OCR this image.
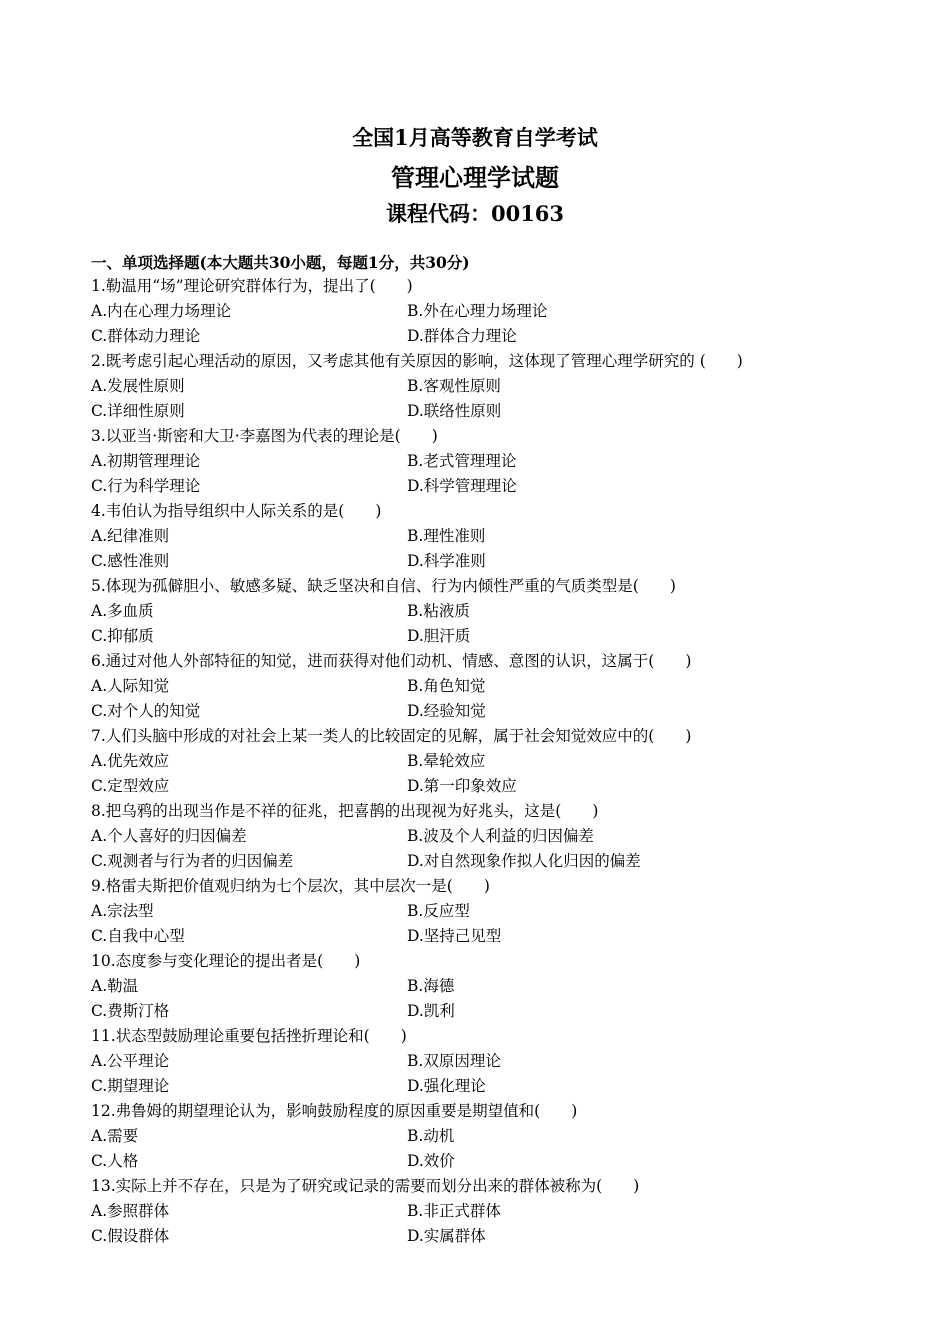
全国1月高等教育自学考试
管理心理学试题
课程代码：00163
一、单项选择题(本大题共30小题，每题1分，共30分)
1.勒温用“场”理论研究群体行为，提出了(　　)
A.内在心理力场理论	B.外在心理力场理论
C.群体动力理论	D.群体合力理论
2.既考虑引起心理活动的原因，又考虑其他有关原因的影响，这体现了管理心理学研究的 (　　)
A.发展性原则	B.客观性原则
C.详细性原则	D.联络性原则
3.以亚当·斯密和大卫·李嘉图为代表的理论是(　　)
A.初期管理理论	B.老式管理理论
C.行为科学理论	D.科学管理理论
4.韦伯认为指导组织中人际关系的是(　　)
A.纪律准则	B.理性准则
C.感性准则	D.科学准则
5.体现为孤僻胆小、敏感多疑、缺乏坚决和自信、行为内倾性严重的气质类型是(　　)
A.多血质	B.粘液质
C.抑郁质	D.胆汗质
6.通过对他人外部特征的知觉，进而获得对他们动机、情感、意图的认识，这属于(　　)
A.人际知觉	B.角色知觉
C.对个人的知觉	D.经验知觉
7.人们头脑中形成的对社会上某一类人的比较固定的见解，属于社会知觉效应中的(　　)
A.优先效应	B.晕轮效应
C.定型效应	D.第一印象效应
8.把乌鸦的出现当作是不祥的征兆，把喜鹊的出现视为好兆头，这是(　　)
A.个人喜好的归因偏差	B.波及个人利益的归因偏差
C.观测者与行为者的归因偏差	D.对自然现象作拟人化归因的偏差
9.格雷夫斯把价值观归纳为七个层次，其中层次一是(　　)
A.宗法型	B.反应型
C.自我中心型	D.坚持己见型
10.态度参与变化理论的提出者是(　　)
A.勒温	B.海德
C.费斯汀格	D.凯利
11.状态型鼓励理论重要包括挫折理论和(　　)
A.公平理论	B.双原因理论
C.期望理论	D.强化理论
12.弗鲁姆的期望理论认为，影响鼓励程度的原因重要是期望值和(　　)
A.需要	B.动机
C.人格	D.效价
13.实际上并不存在，只是为了研究或记录的需要而划分出来的群体被称为(　　)
A.参照群体	B.非正式群体
C.假设群体	D.实属群体
